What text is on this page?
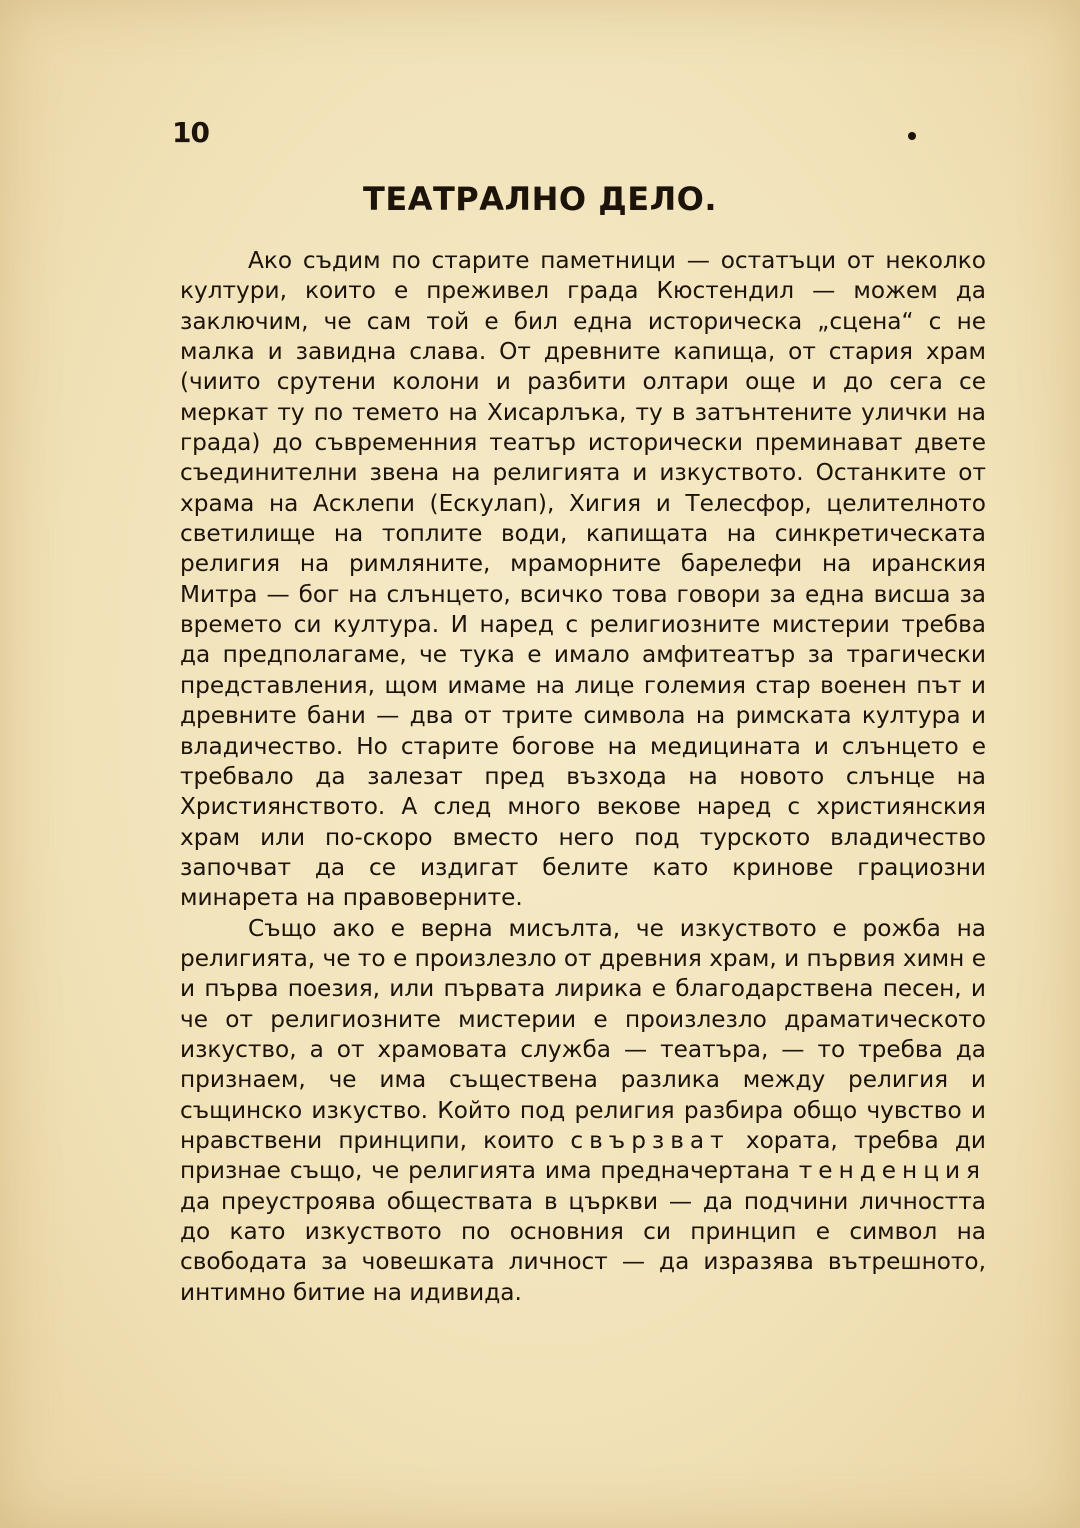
10
ТЕАТРАЛНО ДЕЛО.

Ако съдим по старите паметници — остатъци от неколко култури, които е преживел града Кюстендил — можем да заключим, че сам той е бил една историческа „сцена“ с не малка и завидна слава. От древните капища, от стария храм (чиито срутени колони и разбити олтари още и до сега се меркат ту по темето на Хисарлъка, ту в затънтените улички на града) до съвременния театър исторически преминават двете съединителни звена на религията и изкуството. Останките от храма на Асклепи (Ескулап), Хигия и Телесфор, целителното светилище на топлите води, капищата на синкретическата религия на римляните, мраморните барелефи на иранския Митра — бог на слънцето, всичко това говори за една висша за времето си култура. И наред с религиозните мистерии требва да предполагаме, че тука е имало амфитеатър за трагически представления, щом имаме на лице големия стар военен път и древните бани — два от трите символа на римската култура и владичество. Но старите богове на медицината и слънцето е требвало да залезат пред възхода на новото слънце на Християнството. А след много векове наред с християнския храм или по-скоро вместо него под турското владичество започват да се издигат белите като кринове грациозни минарета на правоверните.

Също ако е верна мисълта, че изкуството е рожба на религията, че то е произлезло от древния храм, и първия химн е и първа поезия, или първата лирика е благодарствена песен, и че от религиозните мистерии е произлезло драматическото изкуство, а от храмовата служба — театъра, — то требва да признаем, че има съществена разлика между религия и същинско изкуство. Който под религия разбира общо чувство и нравствени принципи, които свързват хората, требва ди признае също, че религията има предначертана тенденция да преустроява обществата в църкви — да подчини личността до като изкуството по основния си принцип е символ на свободата за човешката личност — да изразява вътрешното, интимно битие на идивида.
